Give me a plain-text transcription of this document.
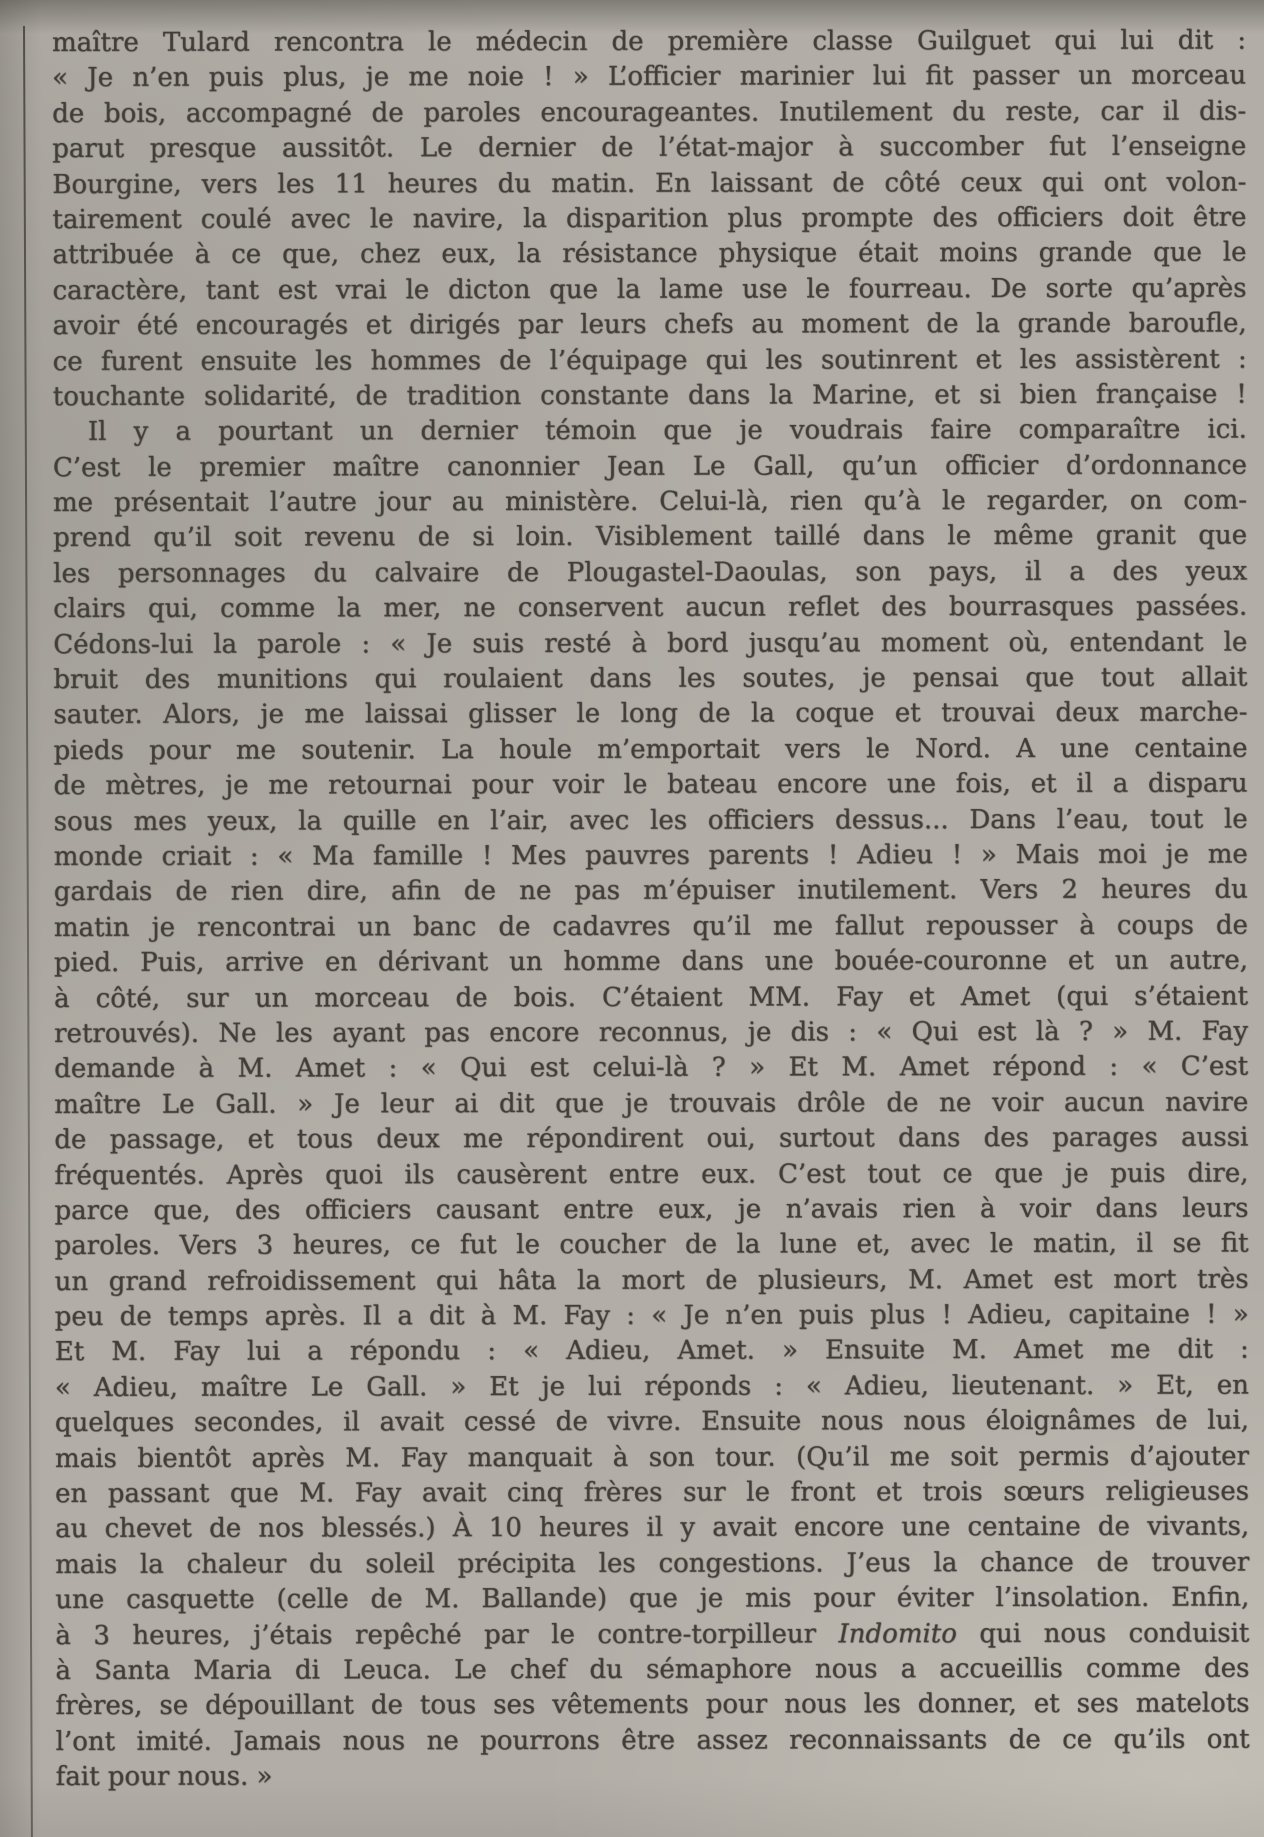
maître Tulard rencontra le médecin de première classe Guilguet qui lui dit :
« Je n’en puis plus, je me noie ! » L’officier marinier lui fit passer un morceau
de bois, accompagné de paroles encourageantes. Inutilement du reste, car il dis-
parut presque aussitôt. Le dernier de l’état-major à succomber fut l’enseigne
Bourgine, vers les 11 heures du matin. En laissant de côté ceux qui ont volon-
tairement coulé avec le navire, la disparition plus prompte des officiers doit être
attribuée à ce que, chez eux, la résistance physique était moins grande que le
caractère, tant est vrai le dicton que la lame use le fourreau. De sorte qu’après
avoir été encouragés et dirigés par leurs chefs au moment de la grande baroufle,
ce furent ensuite les hommes de l’équipage qui les soutinrent et les assistèrent :
touchante solidarité, de tradition constante dans la Marine, et si bien française !
Il y a pourtant un dernier témoin que je voudrais faire comparaître ici.
C’est le premier maître canonnier Jean Le Gall, qu’un officier d’ordonnance
me présentait l’autre jour au ministère. Celui-là, rien qu’à le regarder, on com-
prend qu’il soit revenu de si loin. Visiblement taillé dans le même granit que
les personnages du calvaire de Plougastel-Daoulas, son pays, il a des yeux
clairs qui, comme la mer, ne conservent aucun reflet des bourrasques passées.
Cédons-lui la parole : « Je suis resté à bord jusqu’au moment où, entendant le
bruit des munitions qui roulaient dans les soutes, je pensai que tout allait
sauter. Alors, je me laissai glisser le long de la coque et trouvai deux marche-
pieds pour me soutenir. La houle m’emportait vers le Nord. A une centaine
de mètres, je me retournai pour voir le bateau encore une fois, et il a disparu
sous mes yeux, la quille en l’air, avec les officiers dessus... Dans l’eau, tout le
monde criait : « Ma famille ! Mes pauvres parents ! Adieu ! » Mais moi je me
gardais de rien dire, afin de ne pas m’épuiser inutilement. Vers 2 heures du
matin je rencontrai un banc de cadavres qu’il me fallut repousser à coups de
pied. Puis, arrive en dérivant un homme dans une bouée-couronne et un autre,
à côté, sur un morceau de bois. C’étaient MM. Fay et Amet (qui s’étaient
retrouvés). Ne les ayant pas encore reconnus, je dis : « Qui est là ? » M. Fay
demande à M. Amet : « Qui est celui-là ? » Et M. Amet répond : « C’est
maître Le Gall. » Je leur ai dit que je trouvais drôle de ne voir aucun navire
de passage, et tous deux me répondirent oui, surtout dans des parages aussi
fréquentés. Après quoi ils causèrent entre eux. C’est tout ce que je puis dire,
parce que, des officiers causant entre eux, je n’avais rien à voir dans leurs
paroles. Vers 3 heures, ce fut le coucher de la lune et, avec le matin, il se fit
un grand refroidissement qui hâta la mort de plusieurs, M. Amet est mort très
peu de temps après. Il a dit à M. Fay : « Je n’en puis plus ! Adieu, capitaine ! »
Et M. Fay lui a répondu : « Adieu, Amet. » Ensuite M. Amet me dit :
« Adieu, maître Le Gall. » Et je lui réponds : « Adieu, lieutenant. » Et, en
quelques secondes, il avait cessé de vivre. Ensuite nous nous éloignâmes de lui,
mais bientôt après M. Fay manquait à son tour. (Qu’il me soit permis d’ajouter
en passant que M. Fay avait cinq frères sur le front et trois sœurs religieuses
au chevet de nos blessés.) À 10 heures il y avait encore une centaine de vivants,
mais la chaleur du soleil précipita les congestions. J’eus la chance de trouver
une casquette (celle de M. Ballande) que je mis pour éviter l’insolation. Enfin,
à 3 heures, j’étais repêché par le contre-torpilleur Indomito qui nous conduisit
à Santa Maria di Leuca. Le chef du sémaphore nous a accueillis comme des
frères, se dépouillant de tous ses vêtements pour nous les donner, et ses matelots
l’ont imité. Jamais nous ne pourrons être assez reconnaissants de ce qu’ils ont
fait pour nous. »
